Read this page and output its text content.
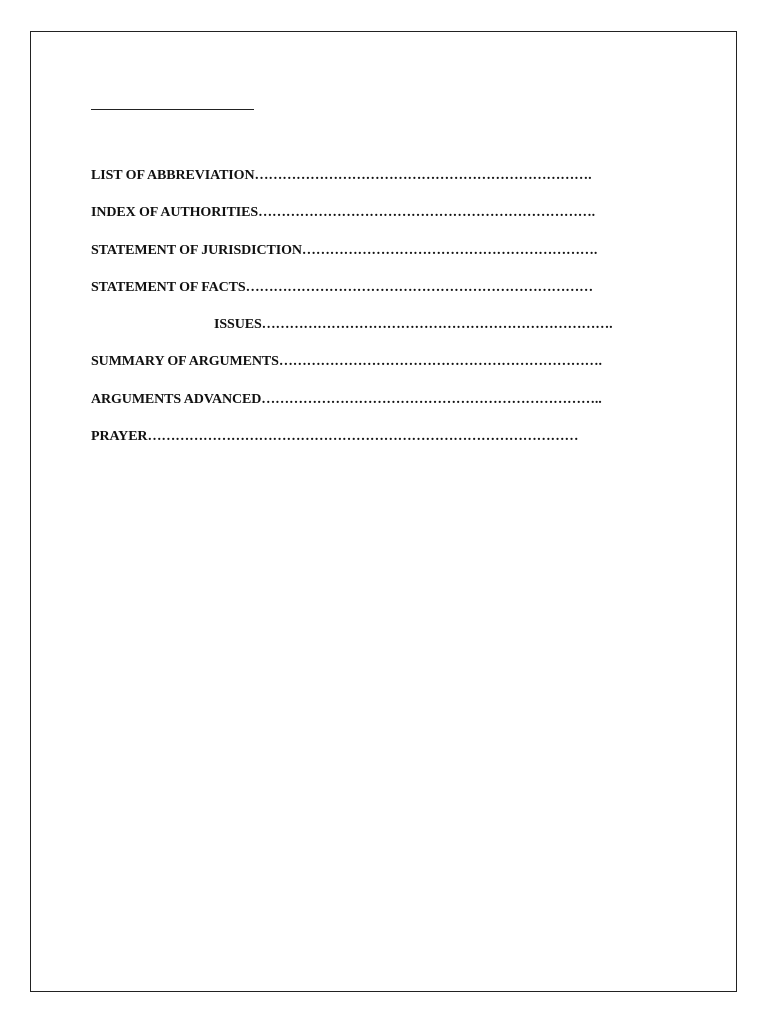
LIST OF ABBREVIATION……………………………………………………………….
INDEX OF AUTHORITIES……………………………………………………………….
STATEMENT OF JURISDICTION……………………………………………………….
STATEMENT OF FACTS…………………………………………………………………
ISSUES………………………………………………………………….
SUMMARY OF ARGUMENTS…………………………………………………………….
ARGUMENTS ADVANCED………………………………………………………………..
PRAYER…………………………………………………………………………………
